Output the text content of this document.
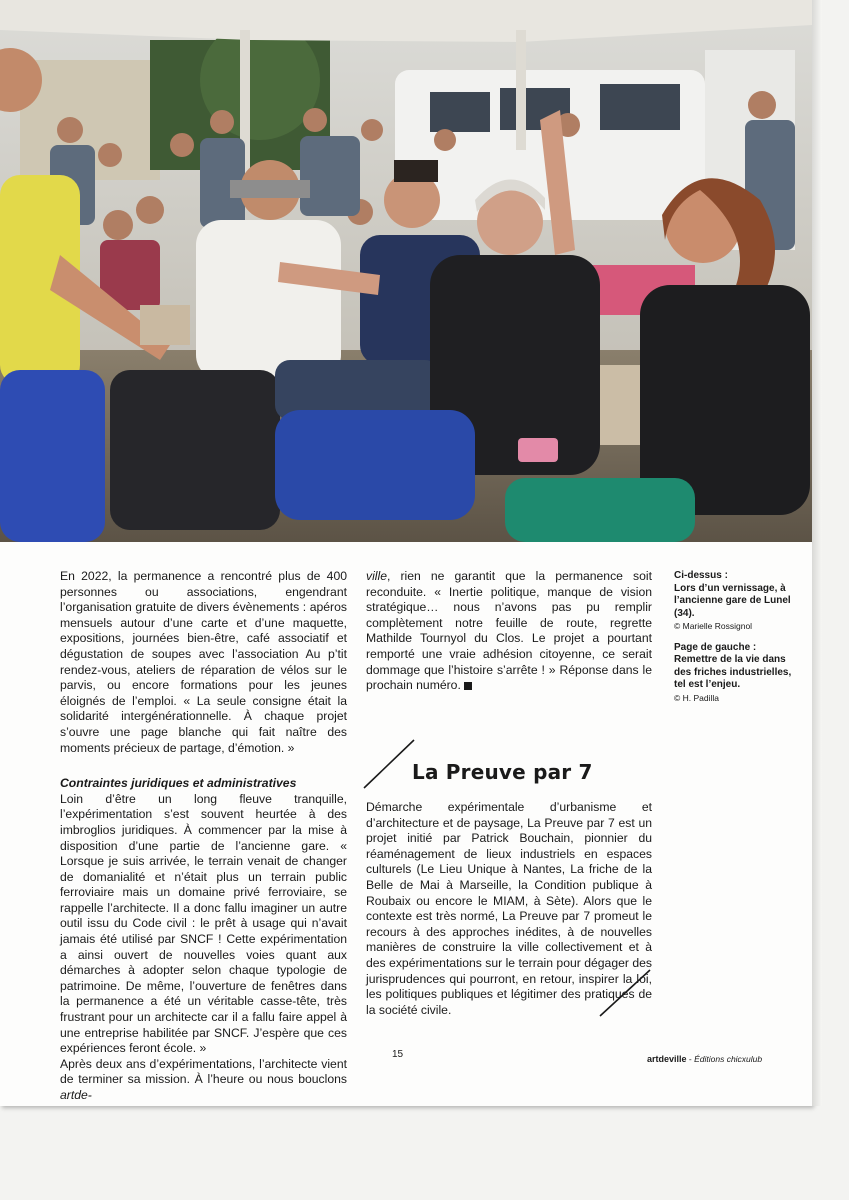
En 2022, la permanence a rencontré plus de 400 personnes ou associations, engendrant l’organisation gratuite de divers évènements : apéros mensuels autour d’une carte et d’une maquette, expositions, journées bien-être, café associatif et dégustation de soupes avec l’association Au p’tit rendez-vous, ateliers de réparation de vélos sur le parvis, ou encore formations pour les jeunes éloignés de l’emploi. « La seule consigne était la solidarité intergénérationnelle. À chaque projet s’ouvre une page blanche qui fait naître des moments précieux de partage, d’émotion. »

Contraintes juridiques et administratives

Loin d’être un long fleuve tranquille, l’expérimentation s’est souvent heurtée à des imbroglios juridiques. À commencer par la mise à disposition d’une partie de l’ancienne gare. « Lorsque je suis arrivée, le terrain venait de changer de domanialité et n’était plus un terrain public ferroviaire mais un domaine privé ferroviaire, se rappelle l’architecte. Il a donc fallu imaginer un autre outil issu du Code civil : le prêt à usage qui n’avait jamais été utilisé par SNCF ! Cette expérimentation a ainsi ouvert de nouvelles voies quant aux démarches à adopter selon chaque typologie de patrimoine. De même, l’ouverture de fenêtres dans la permanence a été un véritable casse-tête, très frustrant pour un architecte car il a fallu faire appel à une entreprise habilitée par SNCF. J’espère que ces expériences feront école. »

Après deux ans d’expérimentations, l’architecte vient de terminer sa mission. À l’heure ou nous bouclons artde-

ville, rien ne garantit que la permanence soit reconduite. « Inertie politique, manque de vision stratégique… nous n’avons pas pu remplir complètement notre feuille de route, regrette Mathilde Tournyol du Clos. Le projet a pourtant remporté une vraie adhésion citoyenne, ce serait dommage que l’histoire s’arrête ! » Réponse dans le prochain numéro.

Ci-dessus :
Lors d’un vernissage, à l’ancienne gare de Lunel (34).
© Marielle Rossignol
Page de gauche :
Remettre de la vie dans des friches industrielles, tel est l’enjeu.
© H. Padilla
La Preuve par 7
Démarche expérimentale d’urbanisme et d’architecture et de paysage, La Preuve par 7 est un projet initié par Patrick Bouchain, pionnier du réaménagement de lieux industriels en espaces culturels (Le Lieu Unique à Nantes, La friche de la Belle de Mai à Marseille, la Condition publique à Roubaix ou encore le MIAM, à Sète). Alors que le contexte est très normé, La Preuve par 7 promeut le recours à des approches inédites, à de nouvelles manières de construire la ville collectivement et à des expérimentations sur le terrain pour dégager des jurisprudences qui pourront, en retour, inspirer la loi, les politiques publiques et légitimer des pratiques de la société civile.
15	artdeville - Éditions chicxulub
